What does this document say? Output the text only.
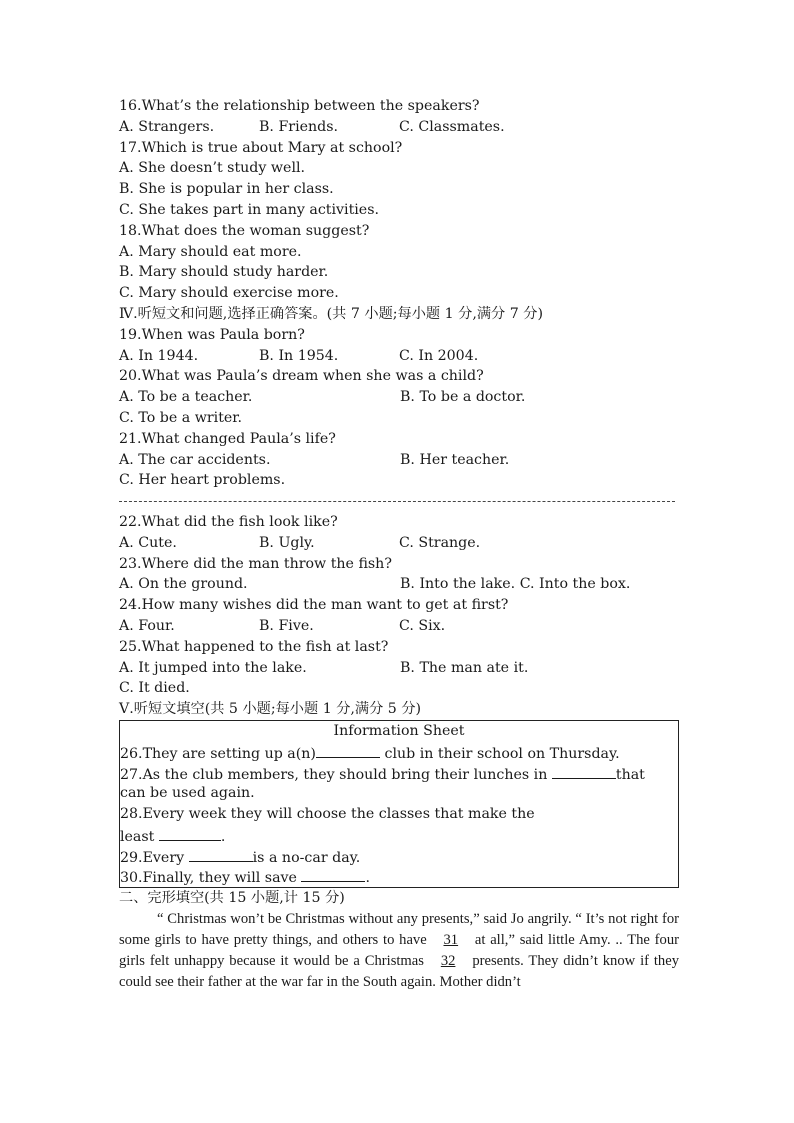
16.What’s the relationship between the speakers?
A. Strangers.	B. Friends.	C. Classmates.
17.Which is true about Mary at school?
A. She doesn’t study well.
B. She is popular in her class.
C. She takes part in many activities.
18.What does the woman suggest?
A. Mary should eat more.
B. Mary should study harder.
C. Mary should exercise more.
Ⅳ.听短文和问题,选择正确答案。(共 7 小题;每小题 1 分,满分 7 分)
19.When was Paula born?
A. In 1944.	B. In 1954.	C. In 2004.
20.What was Paula’s dream when she was a child?
A. To be a teacher.	B. To be a doctor.
C. To be a writer.
21.What changed Paula’s life?
A. The car accidents.	B. Her teacher.
C. Her heart problems.
22.What did the fish look like?
A. Cute.	B. Ugly.	C. Strange.
23.Where did the man throw the fish?
A. On the ground.	B. Into the lake. C. Into the box.
24.How many wishes did the man want to get at first?
A. Four.	B. Five.	C. Six.
25.What happened to the fish at last?
A. It jumped into the lake.	B. The man ate it.
C. It died.
Ⅴ.听短文填空(共 5 小题;每小题 1 分,满分 5 分)
Information Sheet
26.They are setting up a(n)	club in their school on Thursday.
27.As the club members, they should bring their lunches in	that
can be used again.
28.Every week they will choose the classes that make the
least	.
29.Every	is a no-car day.
30.Finally, they will save	.
二、完形填空(共 15 小题,计 15 分)

“ Christmas won’t be Christmas without any presents,” said Jo angrily. “ It’s not right for some girls to have pretty things, and others to have 31 at all,” said little Amy. .. The four girls felt unhappy because it would be a Christmas 32 presents. They didn’t know if they could see their father at the war far in the South again. Mother didn’t
